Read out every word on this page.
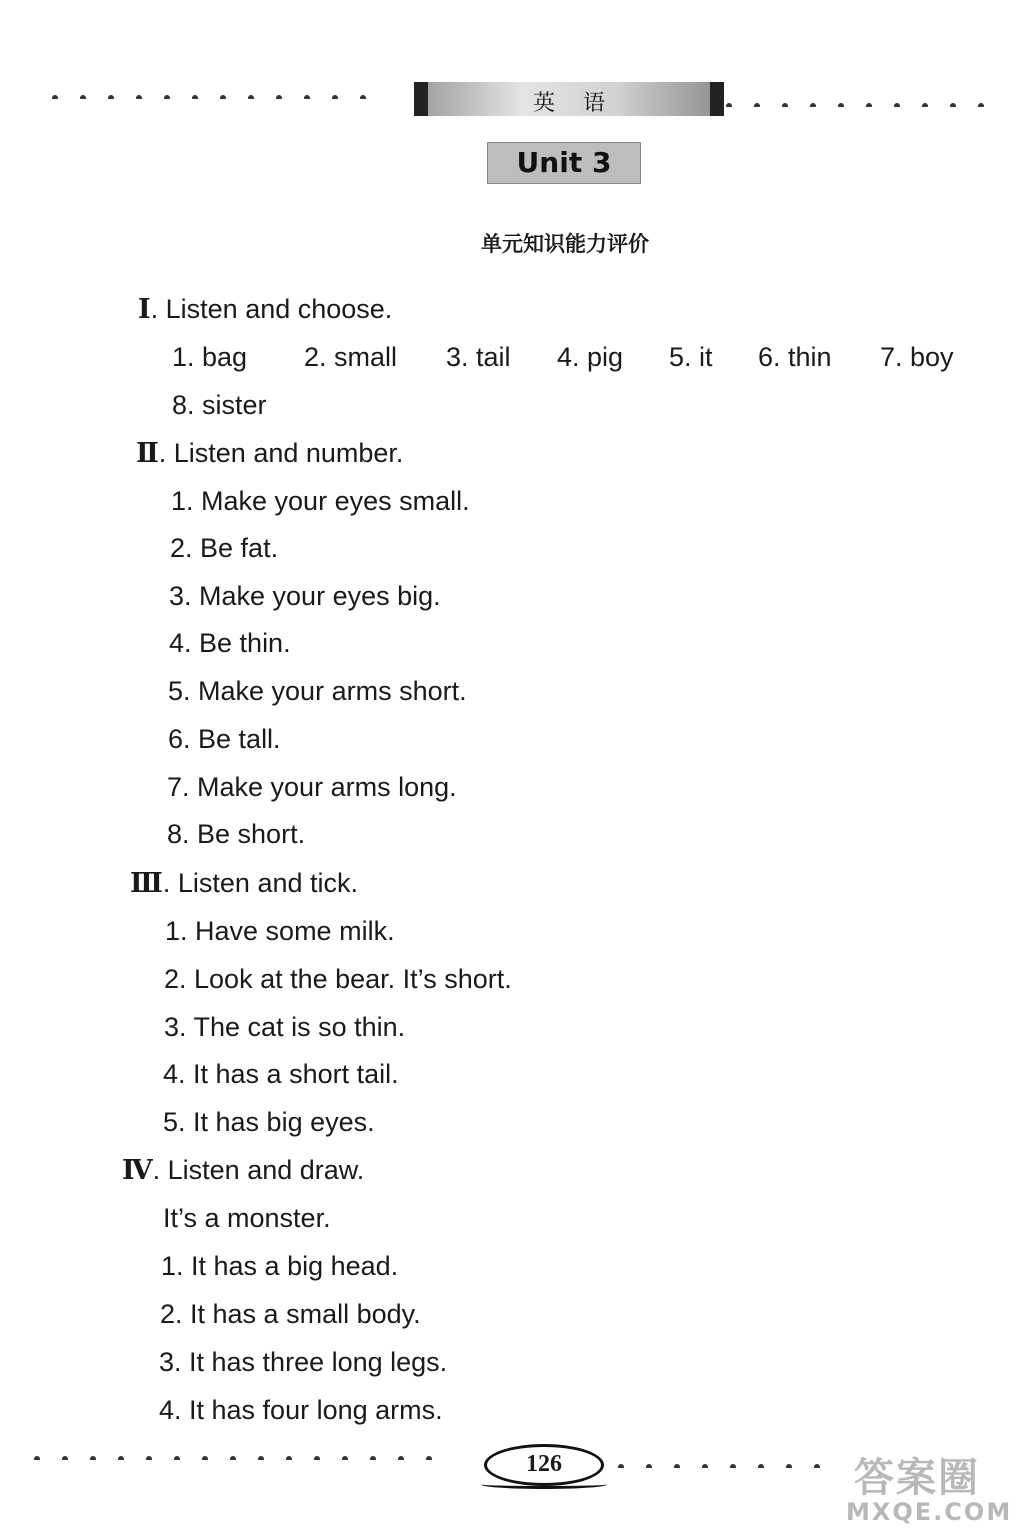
英语
Unit 3
单元知识能力评价
Ⅰ. Listen and choose.
1. bag 2. small 3. tail 4. pig 5. it 6. thin 7. boy
8. sister
Ⅱ. Listen and number.
1. Make your eyes small.
2. Be fat.
3. Make your eyes big.
4. Be thin.
5. Make your arms short.
6. Be tall.
7. Make your arms long.
8. Be short.
Ⅲ. Listen and tick.
1. Have some milk.
2. Look at the bear. It’s short.
3. The cat is so thin.
4. It has a short tail.
5. It has big eyes.
Ⅳ. Listen and draw.
It’s a monster.
1. It has a big head.
2. It has a small body.
3. It has three long legs.
4. It has four long arms.
126	答案圈
MXQE.COM
